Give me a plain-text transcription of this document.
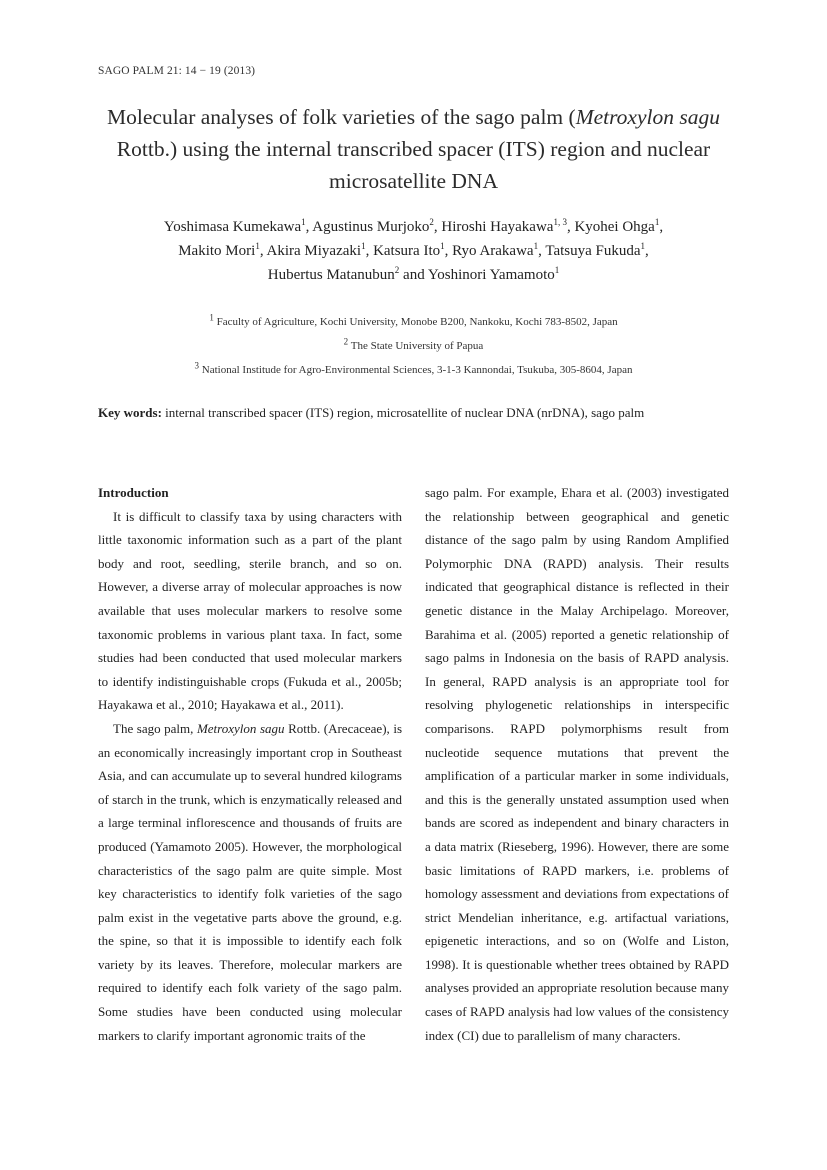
SAGO PALM 21: 14 − 19 (2013)
Molecular analyses of folk varieties of the sago palm (Metroxylon sagu Rottb.) using the internal transcribed spacer (ITS) region and nuclear microsatellite DNA
Yoshimasa Kumekawa$^1$, Agustinus Murjoko$^2$, Hiroshi Hayakawa$^{1, 3}$, Kyohei Ohga$^1$,
Makito Mori$^1$, Akira Miyazaki$^1$, Katsura Ito$^1$, Ryo Arakawa$^1$, Tatsuya Fukuda$^1$,
Hubertus Matanubun$^2$ and Yoshinori Yamamoto$^1$
$^1$ Faculty of Agriculture, Kochi University, Monobe B200, Nankoku, Kochi 783-8502, Japan
$^2$ The State University of Papua
$^3$ National Institude for Agro-Environmental Sciences, 3-1-3 Kannondai, Tsukuba, 305-8604, Japan
Key words: internal transcribed spacer (ITS) region, microsatellite of nuclear DNA (nrDNA), sago palm

Introduction

It is difficult to classify taxa by using characters with little taxonomic information such as a part of the plant body and root, seedling, sterile branch, and so on. However, a diverse array of molecular approaches is now available that uses molecular markers to resolve some taxonomic problems in various plant taxa. In fact, some studies had been conducted that used molecular markers to identify indistinguishable crops (Fukuda et al., 2005b; Hayakawa et al., 2010; Hayakawa et al., 2011).

The sago palm, Metroxylon sagu Rottb. (Arecaceae), is an economically increasingly important crop in Southeast Asia, and can accumulate up to several hundred kilograms of starch in the trunk, which is enzymatically released and a large terminal inflorescence and thousands of fruits are produced (Yamamoto 2005). However, the morphological characteristics of the sago palm are quite simple. Most key characteristics to identify folk varieties of the sago palm exist in the vegetative parts above the ground, e.g. the spine, so that it is impossible to identify each folk variety by its leaves. Therefore, molecular markers are required to identify each folk variety of the sago palm. Some studies have been conducted using molecular markers to clarify important agronomic traits of the

sago palm. For example, Ehara et al. (2003) investigated the relationship between geographical and genetic distance of the sago palm by using Random Amplified Polymorphic DNA (RAPD) analysis. Their results indicated that geographical distance is reflected in their genetic distance in the Malay Archipelago. Moreover, Barahima et al. (2005) reported a genetic relationship of sago palms in Indonesia on the basis of RAPD analysis. In general, RAPD analysis is an appropriate tool for resolving phylogenetic relationships in interspecific comparisons. RAPD polymorphisms result from nucleotide sequence mutations that prevent the amplification of a particular marker in some individuals, and this is the generally unstated assumption used when bands are scored as independent and binary characters in a data matrix (Rieseberg, 1996). However, there are some basic limitations of RAPD markers, i.e. problems of homology assessment and deviations from expectations of strict Mendelian inheritance, e.g. artifactual variations, epigenetic interactions, and so on (Wolfe and Liston, 1998). It is questionable whether trees obtained by RAPD analyses provided an appropriate resolution because many cases of RAPD analysis had low values of the consistency index (CI) due to parallelism of many characters.
